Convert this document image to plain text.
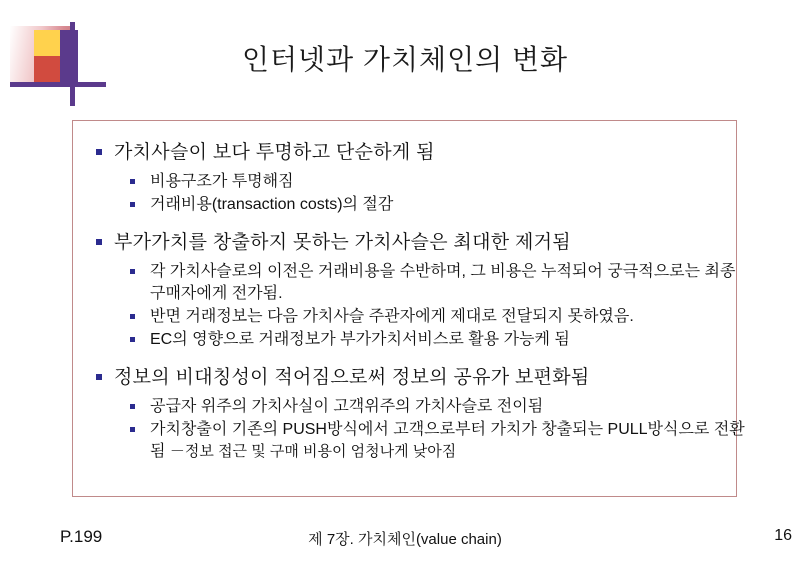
인터넷과 가치체인의 변화
가치사슬이 보다 투명하고 단순하게 됨
비용구조가 투명해짐
거래비용(transaction costs)의 절감
부가가치를 창출하지 못하는 가치사슬은 최대한 제거됨
각 가치사슬로의 이전은 거래비용을 수반하며, 그 비용은 누적되어 궁극적으로는 최종구매자에게 전가됨.
반면 거래정보는 다음 가치사슬 주관자에게 제대로 전달되지 못하였음.
EC의 영향으로 거래정보가 부가가치서비스로 활용 가능케 됨
정보의 비대칭성이 적어짐으로써 정보의 공유가 보편화됨
공급자 위주의 가치사실이 고객위주의 가치사슬로 전이됨
가치창출이 기존의 PUSH방식에서 고객으로부터 가치가 창출되는 PULL방식으로 전환됨 －정보 접근 및 구매 비용이 엄청나게 낮아짐
P.199	제 7장. 가치체인(value chain)	16
